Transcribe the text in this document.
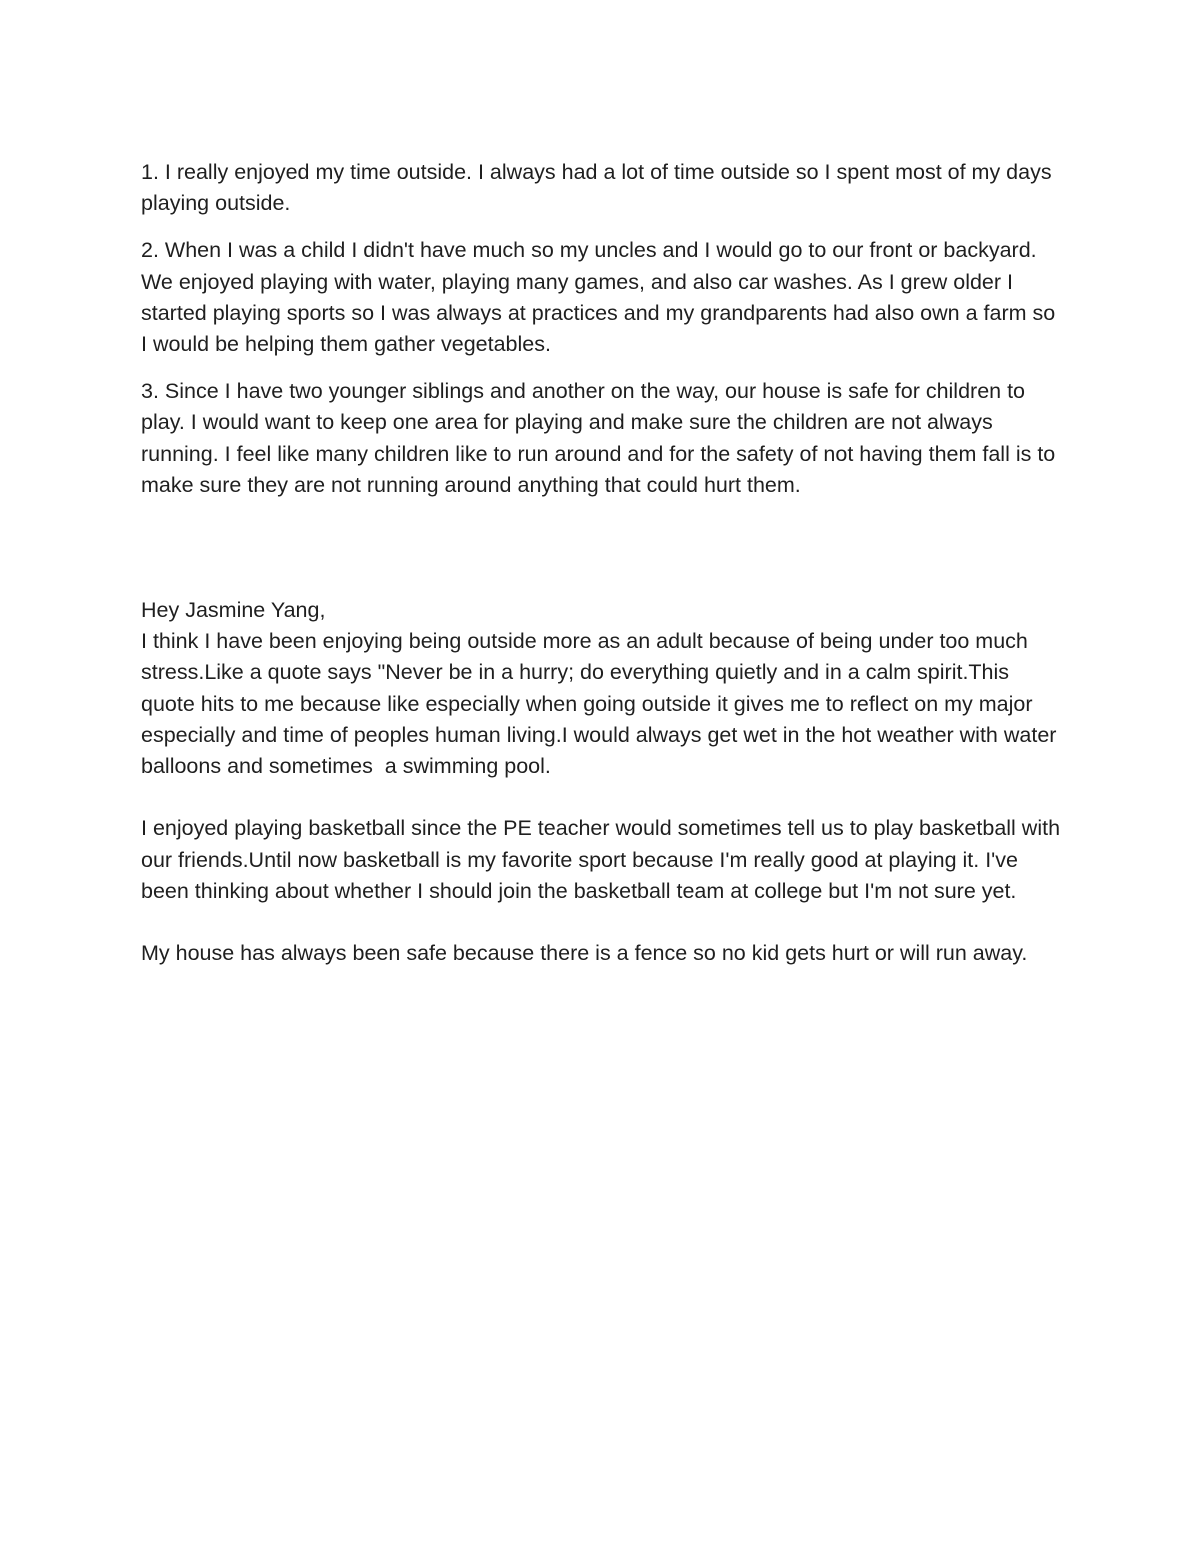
1. I really enjoyed my time outside. I always had a lot of time outside so I spent most of my days playing outside.

2. When I was a child I didn't have much so my uncles and I would go to our front or backyard. We enjoyed playing with water, playing many games, and also car washes. As I grew older I started playing sports so I was always at practices and my grandparents had also own a farm so I would be helping them gather vegetables.

3. Since I have two younger siblings and another on the way, our house is safe for children to play. I would want to keep one area for playing and make sure the children are not always running. I feel like many children like to run around and for the safety of not having them fall is to make sure they are not running around anything that could hurt them.

Hey Jasmine Yang,

I think I have been enjoying being outside more as an adult because of being under too much stress.Like a quote says "Never be in a hurry; do everything quietly and in a calm spirit.This quote hits to me because like especially when going outside it gives me to reflect on my major especially and time of peoples human living.I would always get wet in the hot weather with water balloons and sometimes  a swimming pool.

I enjoyed playing basketball since the PE teacher would sometimes tell us to play basketball with our friends.Until now basketball is my favorite sport because I'm really good at playing it. I've been thinking about whether I should join the basketball team at college but I'm not sure yet.

My house has always been safe because there is a fence so no kid gets hurt or will run away.
